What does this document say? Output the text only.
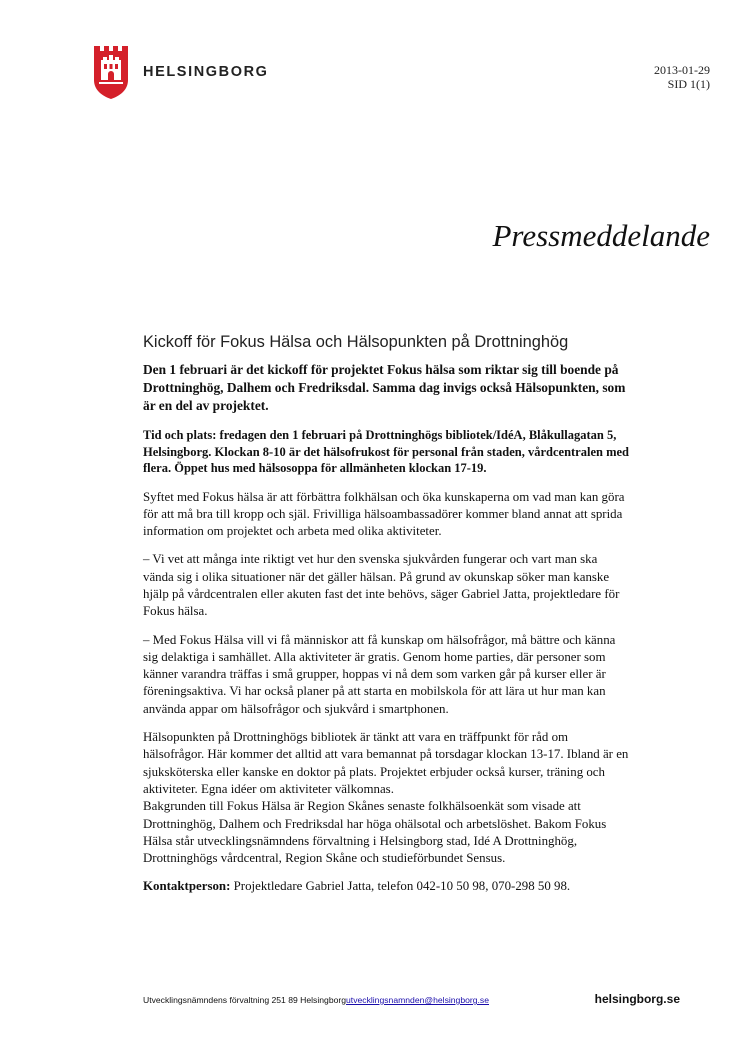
HELSINGBORG	2013-01-29
SID 1(1)
Pressmeddelande
Kickoff för Fokus Hälsa och Hälsopunkten på Drottninghög

Den 1 februari är det kickoff för projektet Fokus hälsa som riktar sig till boende på Drottninghög, Dalhem och Fredriksdal. Samma dag invigs också Hälsopunkten, som är en del av projektet.

Tid och plats: fredagen den 1 februari på Drottninghögs bibliotek/IdéA, Blåkullagatan 5, Helsingborg. Klockan 8-10 är det hälsofrukost för personal från staden, vårdcentralen med flera. Öppet hus med hälsosoppa för allmänheten klockan 17-19.

Syftet med Fokus hälsa är att förbättra folkhälsan och öka kunskaperna om vad man kan göra för att må bra till kropp och själ. Frivilliga hälsoambassadörer kommer bland annat att sprida information om projektet och arbeta med olika aktiviteter.

– Vi vet att många inte riktigt vet hur den svenska sjukvården fungerar och vart man ska vända sig i olika situationer när det gäller hälsan. På grund av okunskap söker man kanske hjälp på vårdcentralen eller akuten fast det inte behövs, säger Gabriel Jatta, projektledare för Fokus hälsa.

– Med Fokus Hälsa vill vi få människor att få kunskap om hälsofrågor, må bättre och känna sig delaktiga i samhället. Alla aktiviteter är gratis. Genom home parties, där personer som känner varandra träffas i små grupper, hoppas vi nå dem som varken går på kurser eller är föreningsaktiva. Vi har också planer på att starta en mobilskola för att lära ut hur man kan använda appar om hälsofrågor och sjukvård i smartphonen.

Hälsopunkten på Drottninghögs bibliotek är tänkt att vara en träffpunkt för råd om hälsofrågor. Här kommer det alltid att vara bemannat på torsdagar klockan 13-17. Ibland är en sjuksköterska eller kanske en doktor på plats. Projektet erbjuder också kurser, träning och aktiviteter. Egna idéer om aktiviteter välkomnas.

Bakgrunden till Fokus Hälsa är Region Skånes senaste folkhälsoenkät som visade att Drottninghög, Dalhem och Fredriksdal har höga ohälsotal och arbetslöshet. Bakom Fokus Hälsa står utvecklingsnämndens förvaltning i Helsingborg stad, Idé A Drottninghög, Drottninghögs vårdcentral, Region Skåne och studieförbundet Sensus.

Kontaktperson: Projektledare Gabriel Jatta, telefon 042-10 50 98, 070-298 50 98.

Utvecklingsnämndens förvaltning 251 89 Helsingborgutvecklingsnamnden@helsingborg.se	helsingborg.se
